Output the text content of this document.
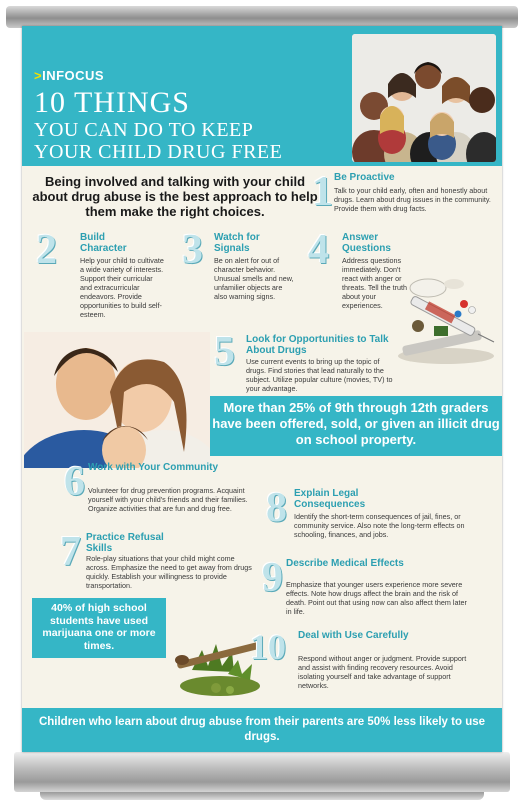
>INFOCUS
10 THINGS
YOU CAN DO TO KEEP
YOUR CHILD DRUG FREE
Being involved and talking with your child about drug abuse is the best approach to help them make the right choices.	1 Be Proactive
Talk to your child early, often and honestly about drugs. Learn about drug issues in the community. Provide them with drug facts.
2 Build Character
Help your child to cultivate a wide variety of interests. Support their curricular and extracurricular endeavors. Provide opportunities to build self-esteem.
3 Watch for Signals
Be on alert for out of character behavior. Unusual smells and new, unfamilier objects are also warning signs.
4 Answer Questions
Address questions immediately. Don't react with anger or threats. Tell the truth about your experiences.
5 Look for Opportunities to Talk About Drugs
Use current events to bring up the topic of drugs. Find stories that lead naturally to the subject. Utilize popular culture (movies, TV) to your advantage.
More than 25% of 9th through 12th graders have been offered, sold, or given an illicit drug on school property.
6 Work with Your Community
Volunteer for drug prevention programs. Acquaint yourself with your child's friends and their families. Organize activities that are fun and drug free.
7 Practice Refusal Skills
Role-play situations that your child might come across. Emphasize the need to get away from drugs quickly. Establish your willingness to provide transportation.
8 Explain Legal Consequences
Identify the short-term consequences of jail, fines, or community service. Also note the long-term effects on schooling, finances, and jobs.
9 Describe Medical Effects
Emphasize that younger users experience more severe effects. Note how drugs affect the brain and the risk of death. Point out that using now can also affect them later in life.
40% of high school students have used marijuana one or more times.	10 Deal with Use Carefully
Respond without anger or judgment. Provide support and assist with finding recovery resources. Avoid isolating yourself and take advantage of support networks.
Children who learn about drug abuse from their parents are 50% less likely to use drugs.
